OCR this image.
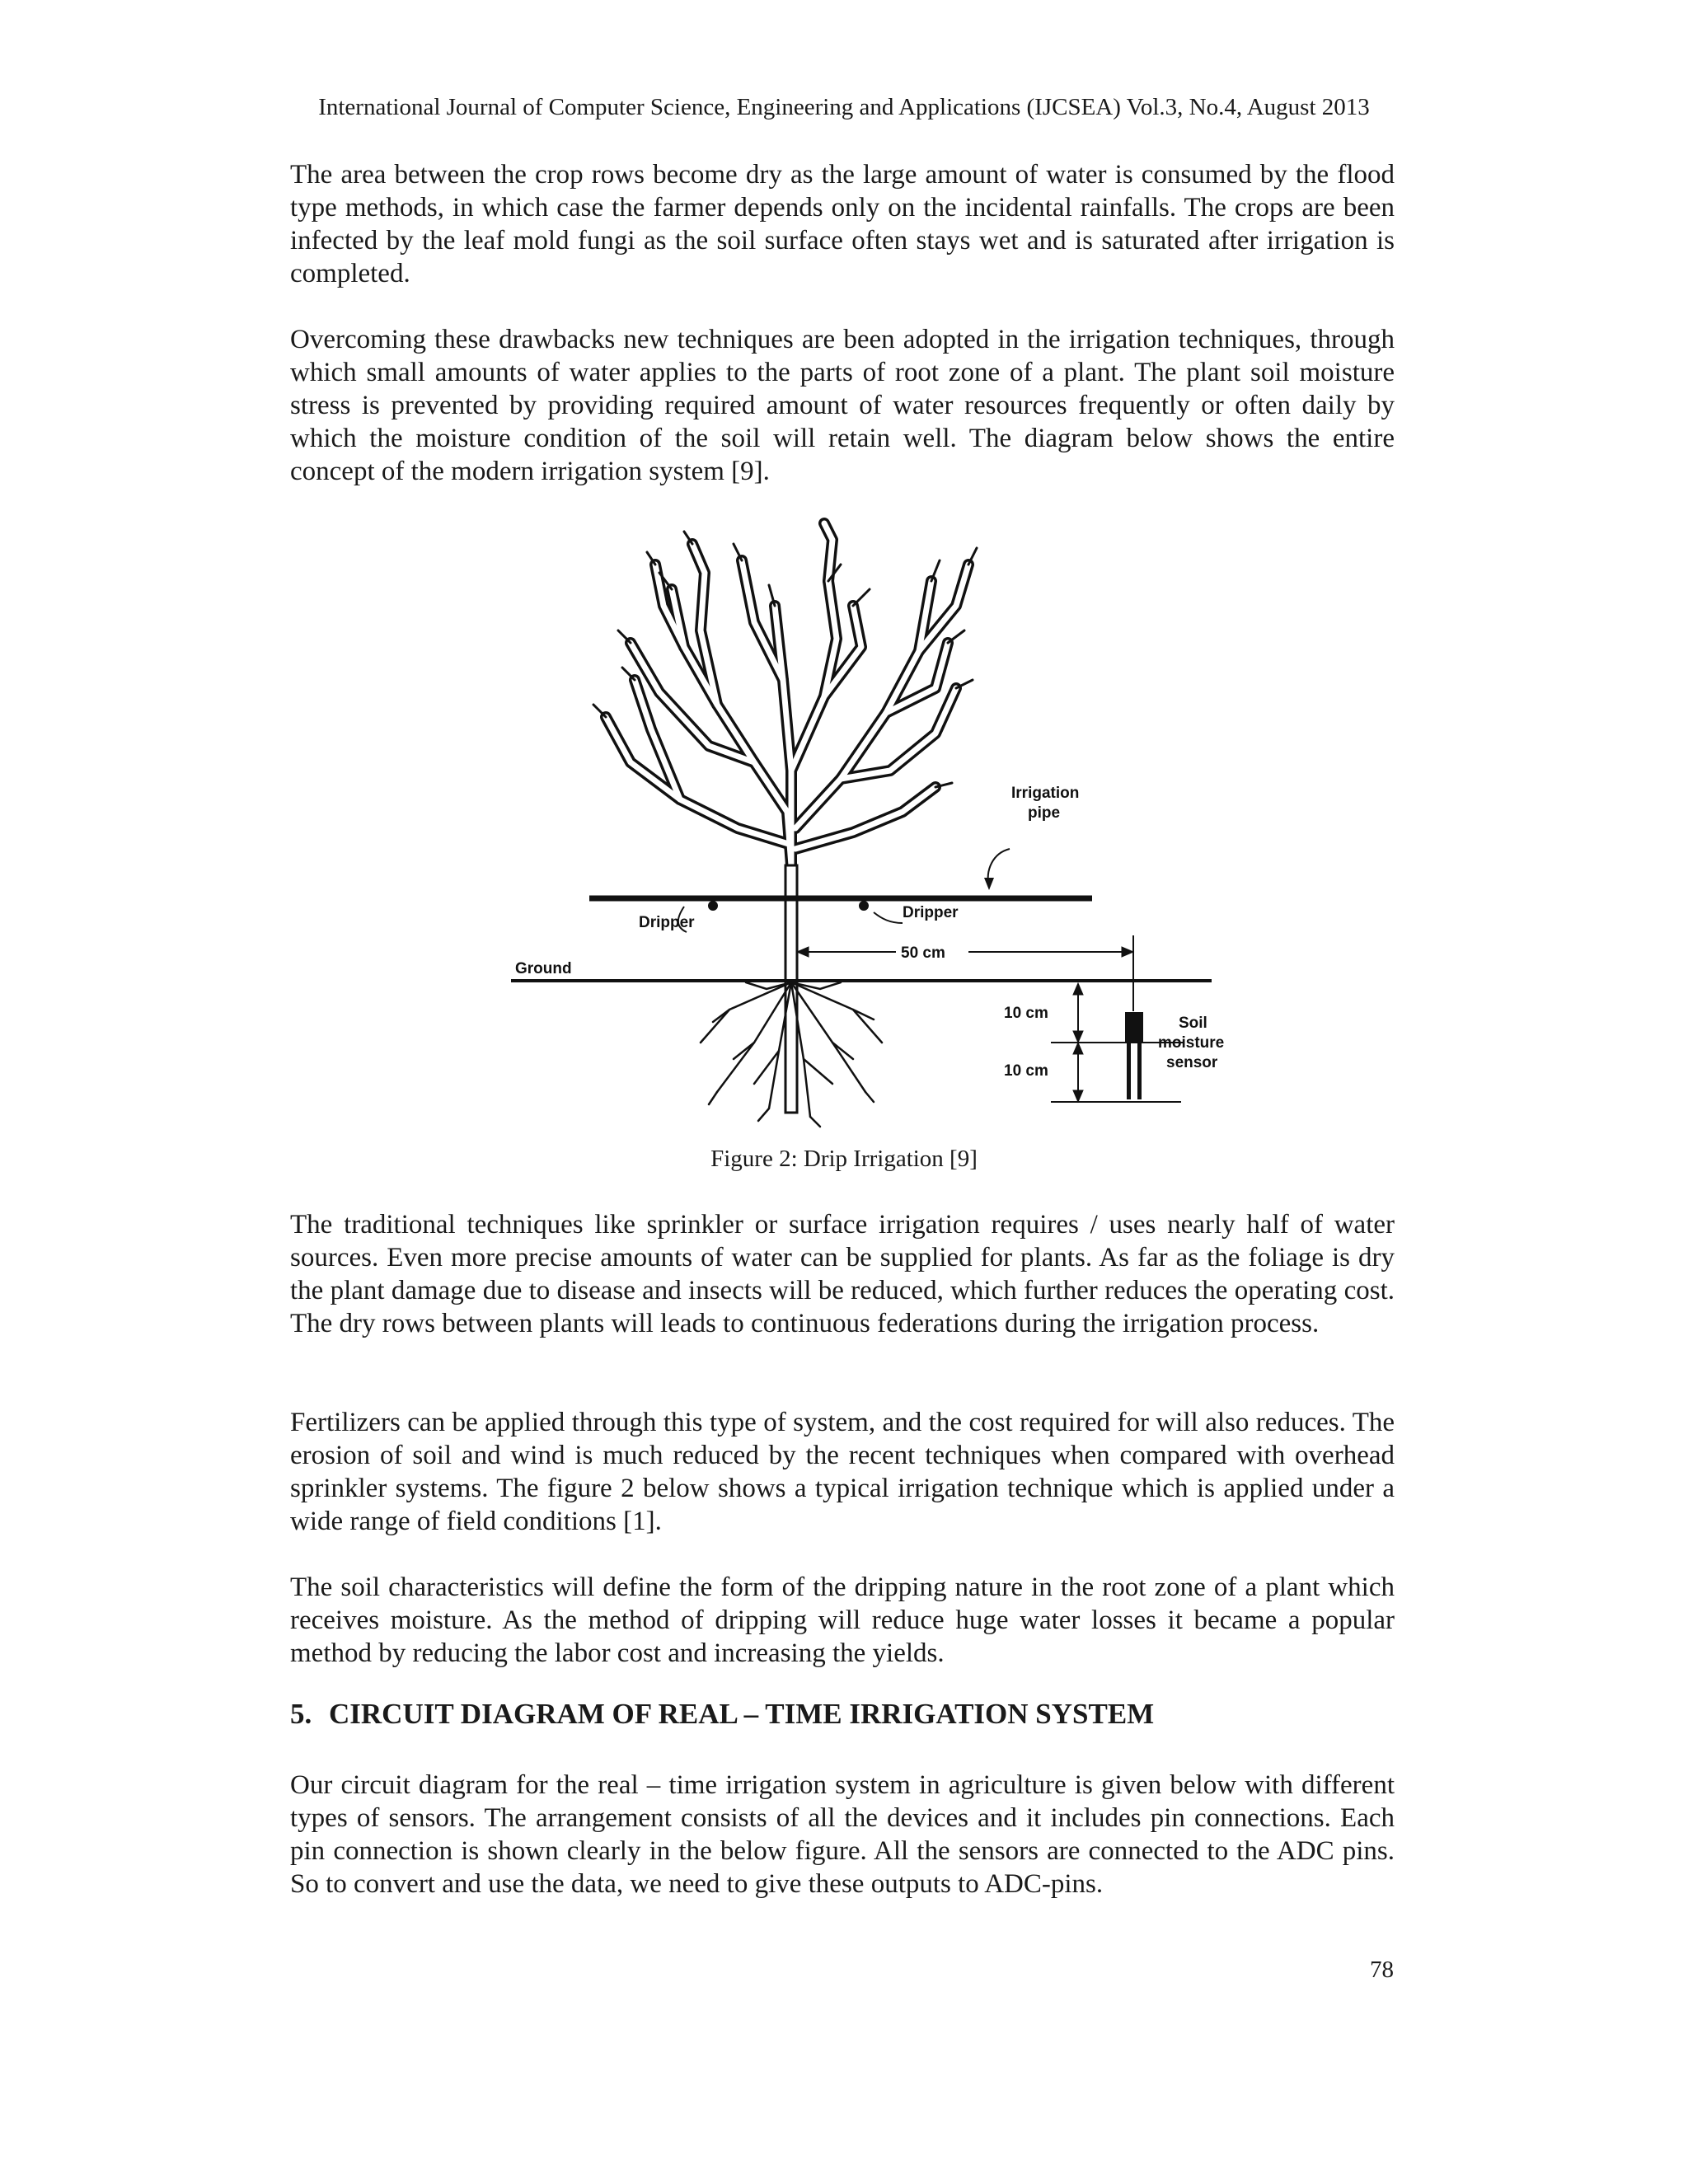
International Journal of Computer Science, Engineering and Applications (IJCSEA) Vol.3, No.4, August 2013

The area between the crop rows become dry as the large amount of water is consumed by the flood type methods, in which case the farmer depends only on the incidental rainfalls. The crops are been infected by the leaf mold fungi as the soil surface often stays wet and is saturated after irrigation is completed.

Overcoming these drawbacks new techniques are been adopted in the irrigation techniques, through which small amounts of water applies to the parts of root zone of a plant. The plant soil moisture stress is prevented by providing required amount of water resources frequently or often daily by which the moisture condition of the soil will retain well. The diagram below shows the entire concept of the modern irrigation system [9].

Irrigation
pipe
Dripper
Dripper
50 cm
Ground
10 cm
10 cm
Soil
moisture
sensor
Figure 2: Drip Irrigation [9]

The traditional techniques like sprinkler or surface irrigation requires / uses nearly half of water sources. Even more precise amounts of water can be supplied for plants. As far as the foliage is dry the plant damage due to disease and insects will be reduced, which further reduces the operating cost. The dry rows between plants will leads to continuous federations during the irrigation process.

Fertilizers can be applied through this type of system, and the cost required for will also reduces. The erosion of soil and wind is much reduced by the recent techniques when compared with overhead sprinkler systems. The figure 2 below shows a typical irrigation technique which is applied under a wide range of field conditions [1].

The soil characteristics will define the form of the dripping nature in the root zone of a plant which receives moisture. As the method of dripping will reduce huge water losses it became a popular method by reducing the labor cost and increasing the yields.

5. CIRCUIT DIAGRAM OF REAL – TIME IRRIGATION SYSTEM

Our circuit diagram for the real – time irrigation system in agriculture is given below with different types of sensors. The arrangement consists of all the devices and it includes pin connections. Each pin connection is shown clearly in the below figure. All the sensors are connected to the ADC pins. So to convert and use the data, we need to give these outputs to ADC-pins.

78
